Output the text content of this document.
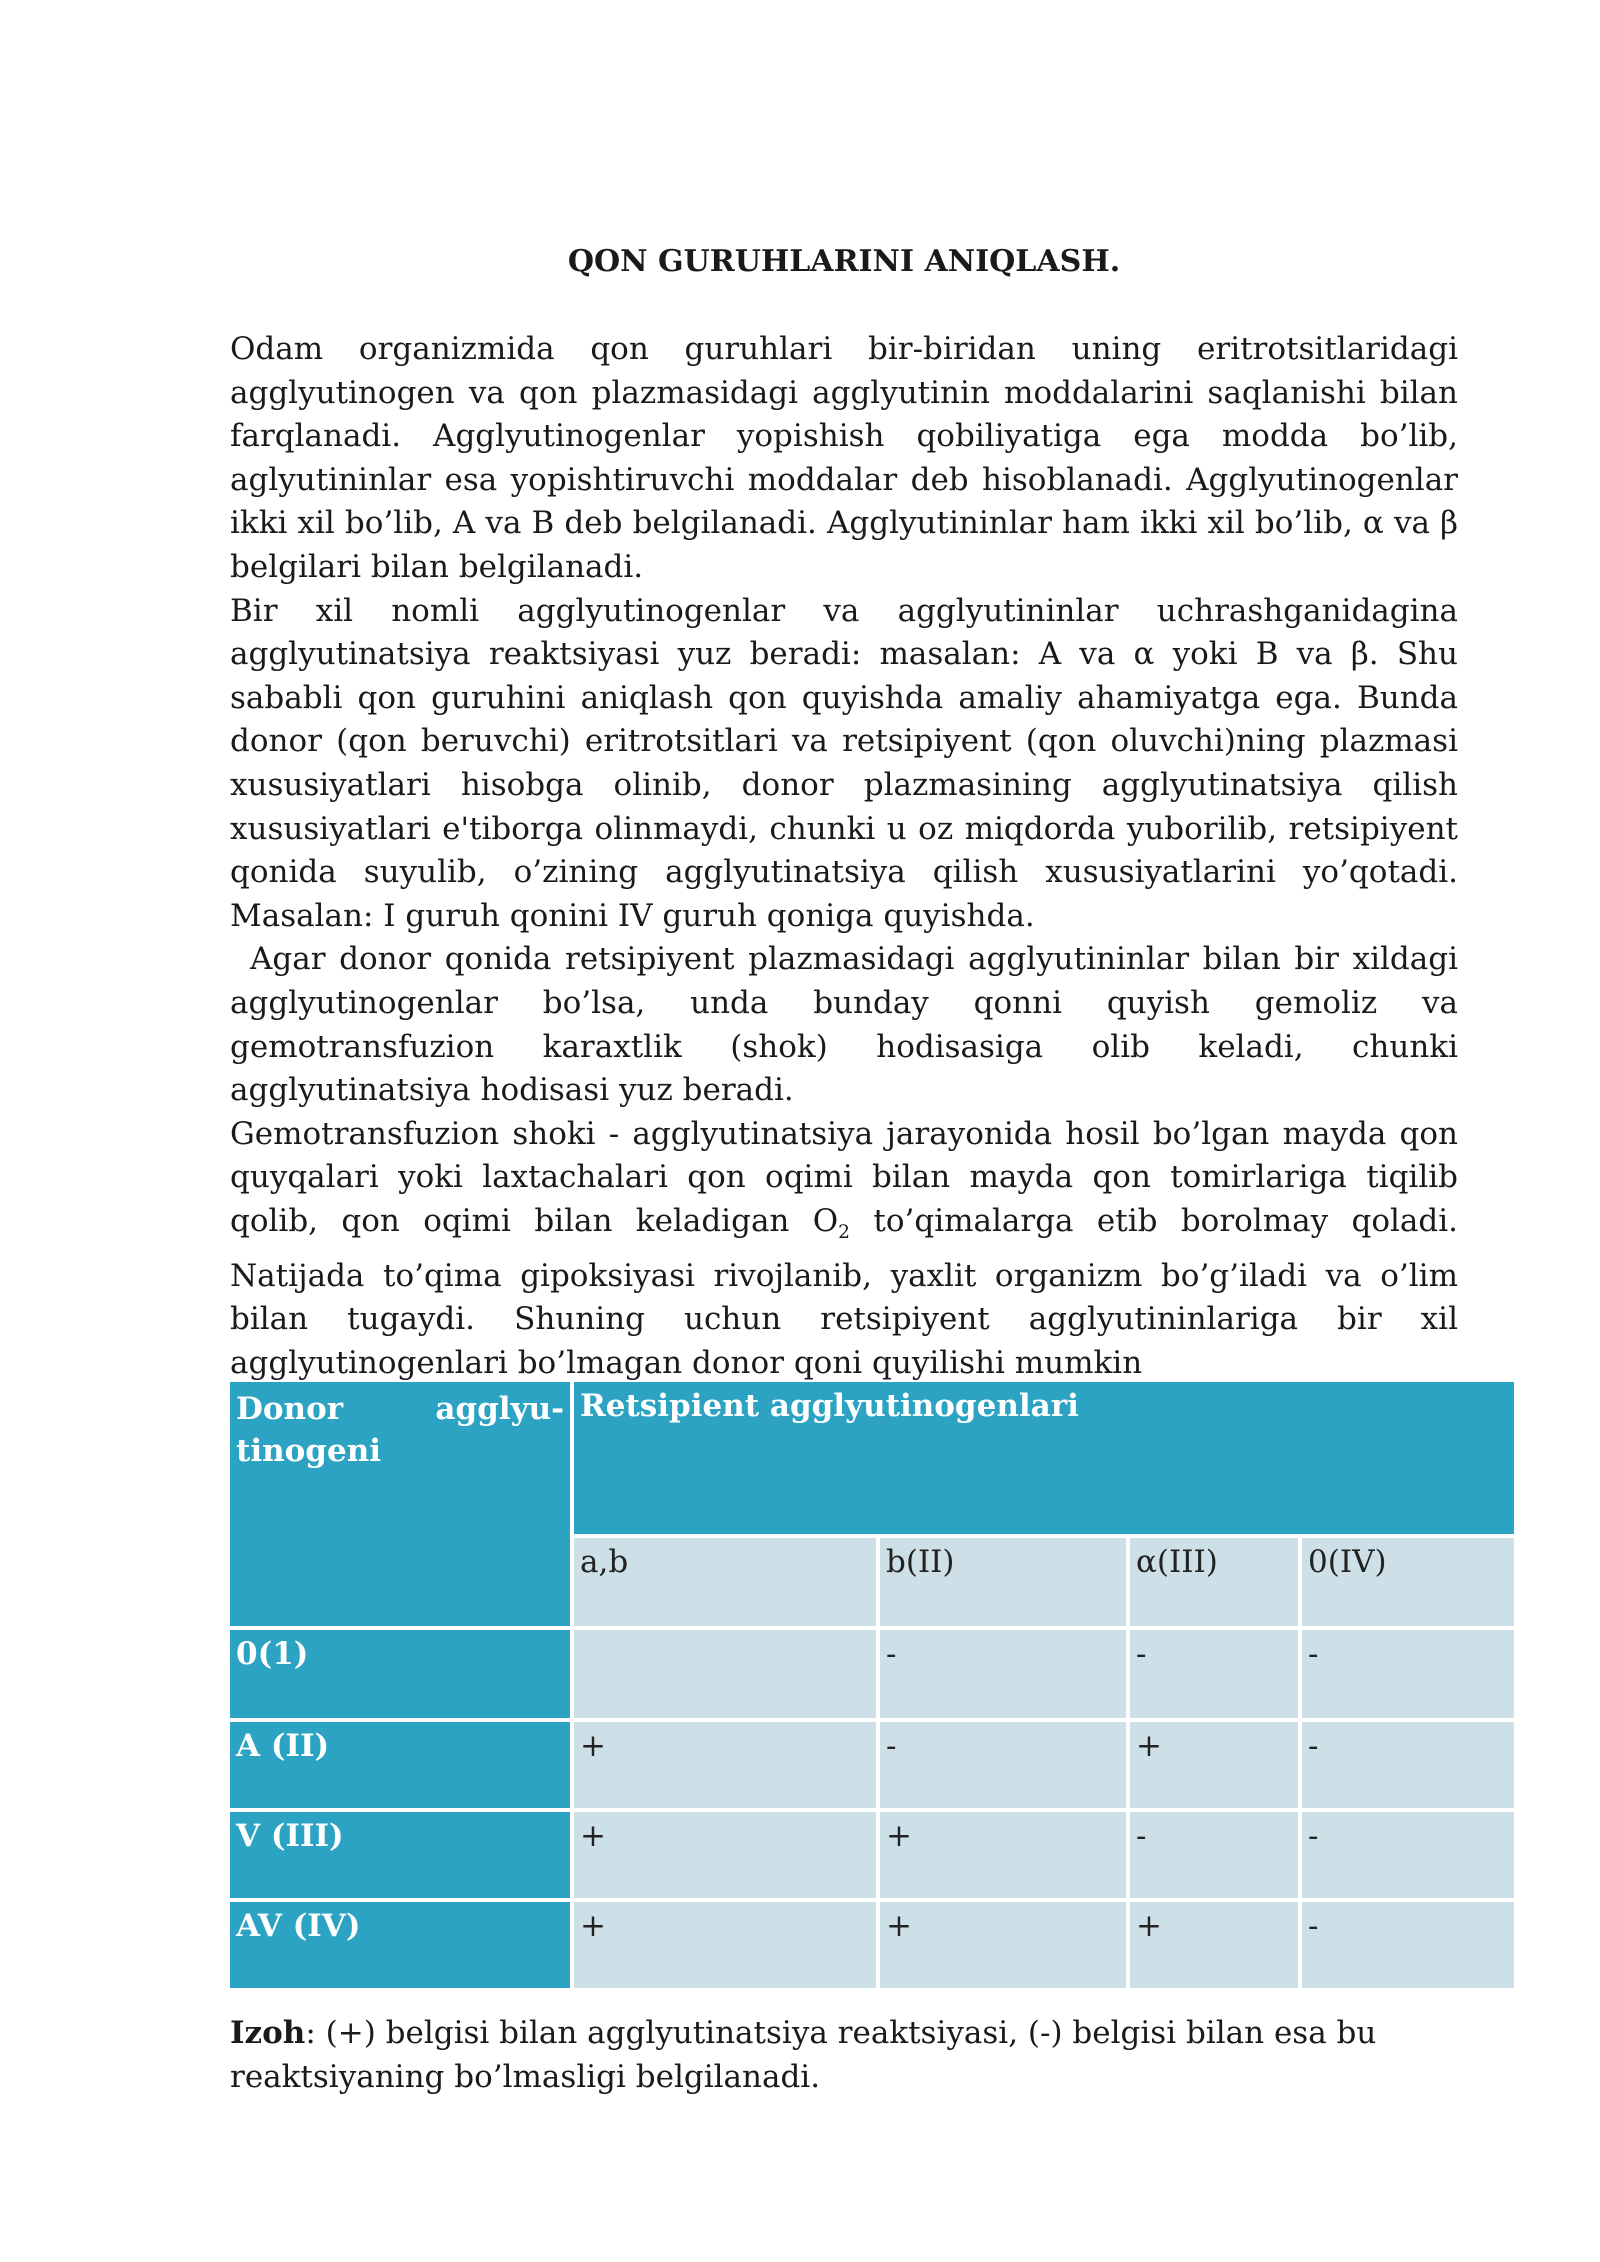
QON GURUHLARINI ANIQLASH.

Odam organizmida qon guruhlari bir-biridan uning eritrotsitlaridagi agglyutinogen va qon plazmasidagi agglyutinin moddalarini saqlanishi bilan farqlanadi. Agglyutinogenlar yopishish qobiliyatiga ega modda bo’lib, aglyutininlar esa yopishtiruvchi moddalar deb hisoblanadi. Agglyutinogenlar ikki xil bo’lib, A va B deb belgilanadi. Agglyutininlar ham ikki xil bo’lib, α va β belgilari bilan belgilanadi.

Bir xil nomli agglyutinogenlar va agglyutininlar uchrashganidagina agglyutinatsiya reaktsiyasi yuz beradi: masalan: A va α yoki B va β. Shu sababli qon guruhini aniqlash qon quyishda amaliy ahamiyatga ega. Bunda donor (qon beruvchi) eritrotsitlari va retsipiyent (qon oluvchi)ning plazmasi xususiyatlari hisobga olinib, donor plazmasining agglyutinatsiya qilish xususiyatlari e'tiborga olinmaydi, chunki u oz miqdorda yuborilib, retsipiyent qonida suyulib, o’zining agglyutinatsiya qilish xususiyatlarini yo’qotadi. Masalan: I guruh qonini IV guruh qoniga quyishda.

Agar donor qonida retsipiyent plazmasidagi agglyutininlar bilan bir xildagi agglyutinogenlar bo’lsa, unda bunday qonni quyish gemoliz va gemotransfuzion karaxtlik (shok) hodisasiga olib keladi, chunki agglyutinatsiya hodisasi yuz beradi.

Gemotransfuzion shoki - agglyutinatsiya jarayonida hosil bo’lgan mayda qon quyqalari yoki laxtachalari qon oqimi bilan mayda qon tomirlariga tiqilib qolib, qon oqimi bilan keladigan $O_2$ to’qimalarga etib borolmay qoladi. Natijada to’qima gipoksiyasi rivojlanib, yaxlit organizm bo’g’iladi va o’lim bilan tugaydi. Shuning uchun retsipiyent agglyutininlariga bir xil agglyutinogenlari bo’lmagan donor qoni quyilishi mumkin

Donor agglyu-tinogeni	Retsipient agglyutinogenlari			
	a,b	b(II)	α(III)	0(IV)
0(1)		-	-	-
A (II)	+	-	+	-
V (III)	+	+	-	-
AV (IV)	+	+	+	-
Izoh: (+) belgisi bilan agglyutinatsiya reaktsiyasi, (-) belgisi bilan esa bu reaktsiyaning bo’lmasligi belgilanadi.
